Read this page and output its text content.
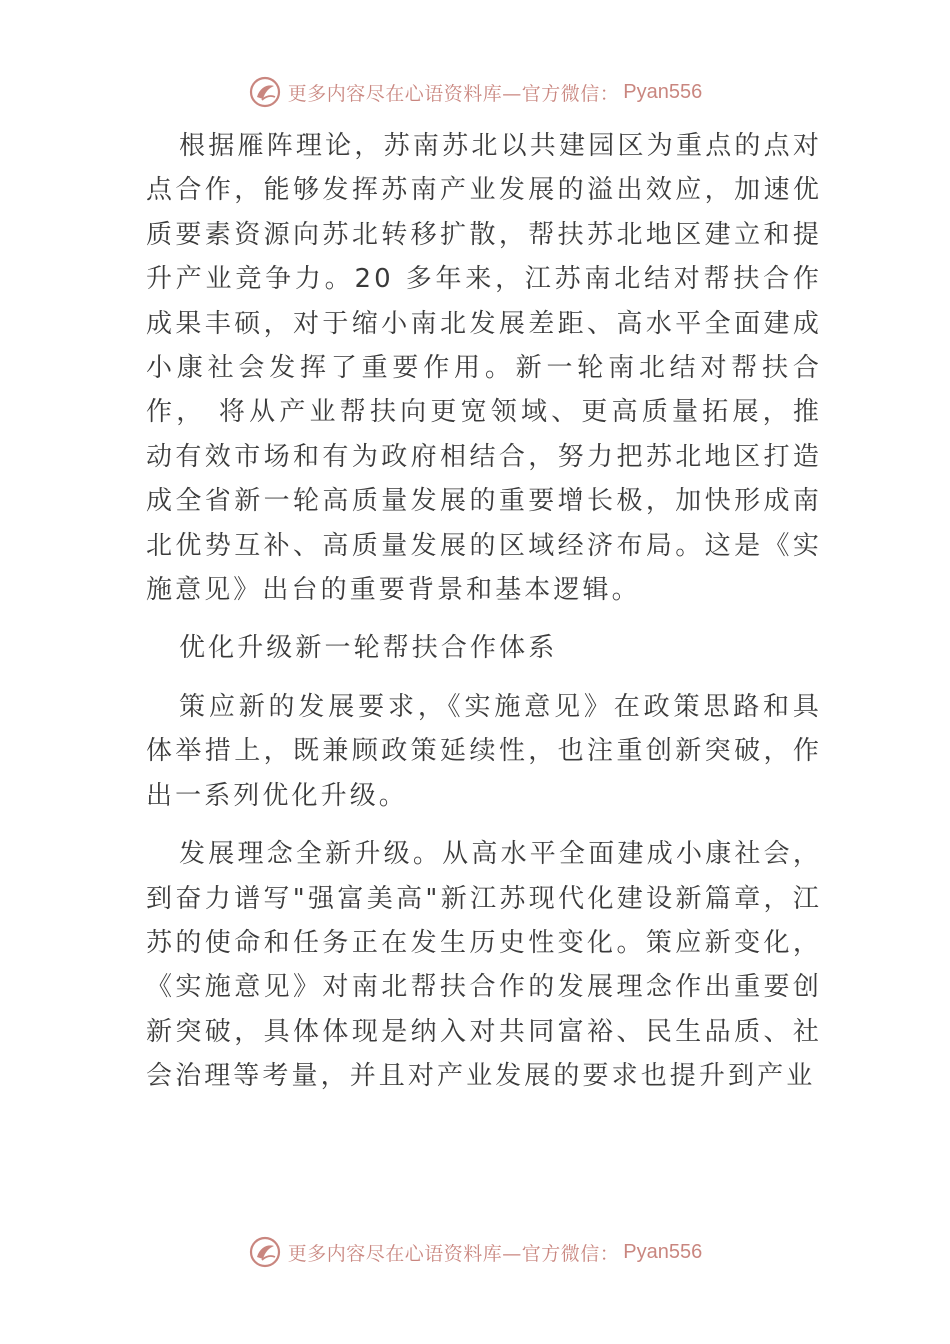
更多内容尽在心语资料库—官方微信： Pyan556

根据雁阵理论，苏南苏北以共建园区为重点的点对点合作，能够发挥苏南产业发展的溢出效应，加速优质要素资源向苏北转移扩散，帮扶苏北地区建立和提升产业竞争力。20 多年来，江苏南北结对帮扶合作成果丰硕，对于缩小南北发展差距、高水平全面建成小康社会发挥了重要作用。新一轮南北结对帮扶合作， 将从产业帮扶向更宽领域、更高质量拓展，推动有效市场和有为政府相结合，努力把苏北地区打造成全省新一轮高质量发展的重要增长极，加快形成南北优势互补、高质量发展的区域经济布局。这是《实施意见》出台的重要背景和基本逻辑。

优化升级新一轮帮扶合作体系

策应新的发展要求，《实施意见》在政策思路和具体举措上，既兼顾政策延续性，也注重创新突破，作出一系列优化升级。

发展理念全新升级。从高水平全面建成小康社会，到奋力谱写"强富美高"新江苏现代化建设新篇章，江苏的使命和任务正在发生历史性变化。策应新变化，《实施意见》对南北帮扶合作的发展理念作出重要创新突破，具体体现是纳入对共同富裕、民生品质、社会治理等考量，并且对产业发展的要求也提升到产业

更多内容尽在心语资料库—官方微信： Pyan556
